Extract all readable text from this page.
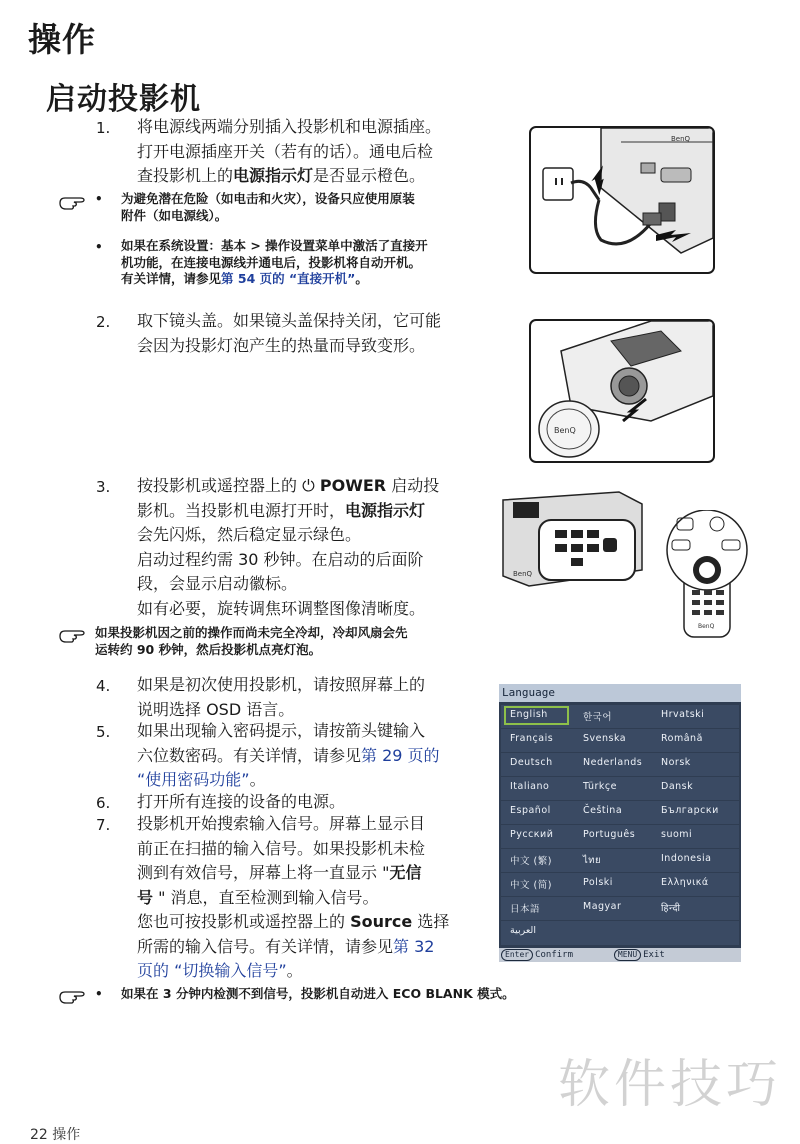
操作
启动投影机
1. 将电源线两端分别插入投影机和电源插座。
打开电源插座开关（若有的话）。通电后检
查投影机上的电源指示灯是否显示橙色。
• 为避免潜在危险（如电击和火灾），设备只应使用原装
附件（如电源线）。
• 如果在系统设置：基本 > 操作设置菜单中激活了直接开
机功能，在连接电源线并通电后，投影机将自动开机。
有关详情，请参见第 54 页的 “直接开机”。
BenQ
2. 取下镜头盖。如果镜头盖保持关闭，它可能
会因为投影灯泡产生的热量而导致变形。
BenQ
3. 按投影机或遥控器上的 ⏻ POWER 启动投
影机。当投影机电源打开时，电源指示灯
会先闪烁，然后稳定显示绿色。
启动过程约需 30 秒钟。在启动的后面阶
段，会显示启动徽标。
如有必要，旋转调焦环调整图像清晰度。
BenQ
BenQ
如果投影机因之前的操作而尚未完全冷却，冷却风扇会先
运转约 90 秒钟，然后投影机点亮灯泡。
4. 如果是初次使用投影机，请按照屏幕上的
说明选择 OSD 语言。
5. 如果出现输入密码提示，请按箭头键输入
六位数密码。有关详情，请参见第 29 页的
“使用密码功能”。
6. 打开所有连接的设备的电源。
7. 投影机开始搜索输入信号。屏幕上显示目
前正在扫描的输入信号。如果投影机未检
测到有效信号，屏幕上将一直显示 "无信
号 " 消息，直至检测到输入信号。
您也可按投影机或遥控器上的 Source 选择
所需的输入信号。有关详情，请参见第 32
页的 “切换输入信号”。
Language
English	한국어	Hrvatski
Français	Svenska	Română
Deutsch	Nederlands Norsk
Italiano	Türkçe	Dansk
Español	Čeština	Български
Русский	Português	suomi
中文 (繁)	ไทย	Indonesia
中文 (简)	Polski	Ελληνικά
日本語	Magyar	हिन्दी
العربية
Enter Confirm	MENU Exit
• 如果在 3 分钟内检测不到信号，投影机自动进入 ECO BLANK 模式。
软件技巧
22 操作
